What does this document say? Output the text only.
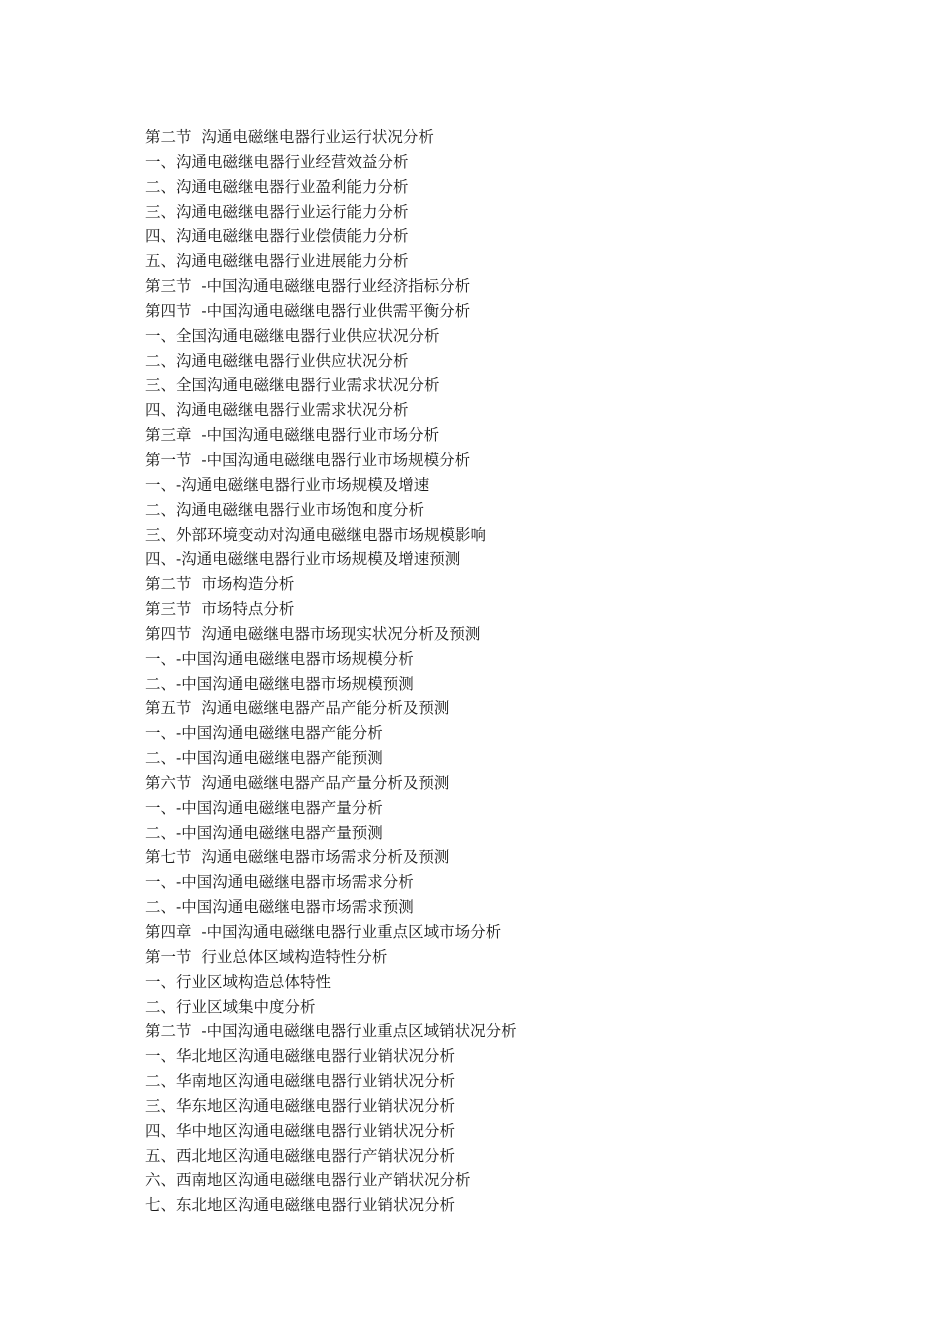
第二节  沟通电磁继电器行业运行状况分析
一、沟通电磁继电器行业经营效益分析
二、沟通电磁继电器行业盈利能力分析
三、沟通电磁继电器行业运行能力分析
四、沟通电磁继电器行业偿债能力分析
五、沟通电磁继电器行业进展能力分析
第三节  -中国沟通电磁继电器行业经济指标分析
第四节  -中国沟通电磁继电器行业供需平衡分析
一、全国沟通电磁继电器行业供应状况分析
二、沟通电磁继电器行业供应状况分析
三、全国沟通电磁继电器行业需求状况分析
四、沟通电磁继电器行业需求状况分析
第三章  -中国沟通电磁继电器行业市场分析
第一节  -中国沟通电磁继电器行业市场规模分析
一、-沟通电磁继电器行业市场规模及增速
二、沟通电磁继电器行业市场饱和度分析
三、外部环境变动对沟通电磁继电器市场规模影响
四、-沟通电磁继电器行业市场规模及增速预测
第二节  市场构造分析
第三节  市场特点分析
第四节  沟通电磁继电器市场现实状况分析及预测
一、-中国沟通电磁继电器市场规模分析
二、-中国沟通电磁继电器市场规模预测
第五节  沟通电磁继电器产品产能分析及预测
一、-中国沟通电磁继电器产能分析
二、-中国沟通电磁继电器产能预测
第六节  沟通电磁继电器产品产量分析及预测
一、-中国沟通电磁继电器产量分析
二、-中国沟通电磁继电器产量预测
第七节  沟通电磁继电器市场需求分析及预测
一、-中国沟通电磁继电器市场需求分析
二、-中国沟通电磁继电器市场需求预测
第四章  -中国沟通电磁继电器行业重点区域市场分析
第一节  行业总体区域构造特性分析
一、行业区域构造总体特性
二、行业区域集中度分析
第二节  -中国沟通电磁继电器行业重点区域销状况分析
一、华北地区沟通电磁继电器行业销状况分析
二、华南地区沟通电磁继电器行业销状况分析
三、华东地区沟通电磁继电器行业销状况分析
四、华中地区沟通电磁继电器行业销状况分析
五、西北地区沟通电磁继电器行产销状况分析
六、西南地区沟通电磁继电器行业产销状况分析
七、东北地区沟通电磁继电器行业销状况分析
